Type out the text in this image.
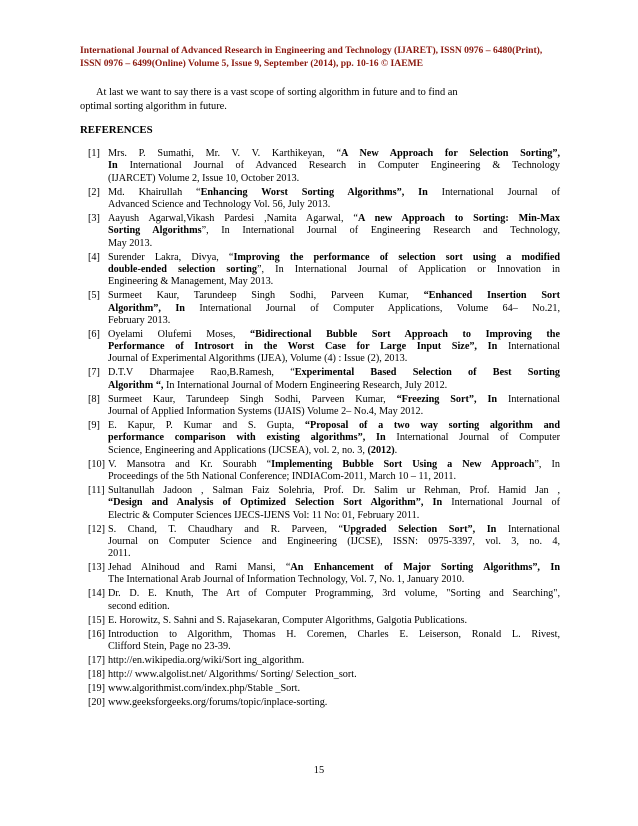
International Journal of Advanced Research in Engineering and Technology (IJARET), ISSN 0976 – 6480(Print),
ISSN 0976 – 6499(Online) Volume 5, Issue 9, September (2014), pp. 10-16 © IAEME
At last we want to say there is a vast scope of sorting algorithm in future and to find an
optimal sorting algorithm in future.
REFERENCES
[1] Mrs. P. Sumathi, Mr. V. V. Karthikeyan, “A New Approach for Selection Sorting”,
In International Journal of Advanced Research in Computer Engineering & Technology
(IJARCET) Volume 2, Issue 10, October 2013.
[2] Md. Khairullah “Enhancing Worst Sorting Algorithms”, In International Journal of
Advanced Science and Technology Vol. 56, July 2013.
[3] Aayush Agarwal,Vikash Pardesi ,Namita Agarwal, “A new Approach to Sorting: Min-Max
Sorting Algorithms”, In International Journal of Engineering Research and Technology,
May 2013.
[4] Surender Lakra, Divya, “Improving the performance of selection sort using a modified
double-ended selection sorting”, In International Journal of Application or Innovation in
Engineering & Management, May 2013.
[5] Surmeet Kaur, Tarundeep Singh Sodhi, Parveen Kumar, “Enhanced Insertion Sort
Algorithm”, In International Journal of Computer Applications, Volume 64– No.21,
February 2013.
[6] Oyelami Olufemi Moses, “Bidirectional Bubble Sort Approach to Improving the
Performance of Introsort in the Worst Case for Large Input Size”, In International
Journal of Experimental Algorithms (IJEA), Volume (4) : Issue (2), 2013.
[7] D.T.V Dharmajee Rao,B.Ramesh, “Experimental Based Selection of Best Sorting
Algorithm “, In International Journal of Modern Engineering Research, July 2012.
[8] Surmeet Kaur, Tarundeep Singh Sodhi, Parveen Kumar, “Freezing Sort”, In International
Journal of Applied Information Systems (IJAIS) Volume 2– No.4, May 2012.
[9] E. Kapur, P. Kumar and S. Gupta, “Proposal of a two way sorting algorithm and
performance comparison with existing algorithms”, In International Journal of Computer
Science, Engineering and Applications (IJCSEA), vol. 2, no. 3, (2012).
[10] V. Mansotra and Kr. Sourabh “Implementing Bubble Sort Using a New Approach”, In
Proceedings of the 5th National Conference; INDIACom-2011, March 10 – 11, 2011.
[11] Sultanullah Jadoon , Salman Faiz Solehria, Prof. Dr. Salim ur Rehman, Prof. Hamid Jan ,
“Design and Analysis of Optimized Selection Sort Algorithm”, In International Journal of
Electric & Computer Sciences IJECS-IJENS Vol: 11 No: 01, February 2011.
[12] S. Chand, T. Chaudhary and R. Parveen, “Upgraded Selection Sort”, In International
Journal on Computer Science and Engineering (IJCSE), ISSN: 0975-3397, vol. 3, no. 4,
2011.
[13] Jehad Alnihoud and Rami Mansi, “An Enhancement of Major Sorting Algorithms”, In
The International Arab Journal of Information Technology, Vol. 7, No. 1, January 2010.
[14] Dr. D. E. Knuth, The Art of Computer Programming, 3rd volume, "Sorting and Searching",
second edition.
[15] E. Horowitz, S. Sahni and S. Rajasekaran, Computer Algorithms, Galgotia Publications.
[16] Introduction to Algorithm, Thomas H. Coremen, Charles E. Leiserson, Ronald L. Rivest,
Clifford Stein, Page no 23-39.
[17] http://en.wikipedia.org/wiki/Sort ing_algorithm.
[18] http:// www.algolist.net/ Algorithms/ Sorting/ Selection_sort.
[19] www.algorithmist.com/index.php/Stable _Sort.
[20] www.geeksforgeeks.org/forums/topic/inplace-sorting.
15
